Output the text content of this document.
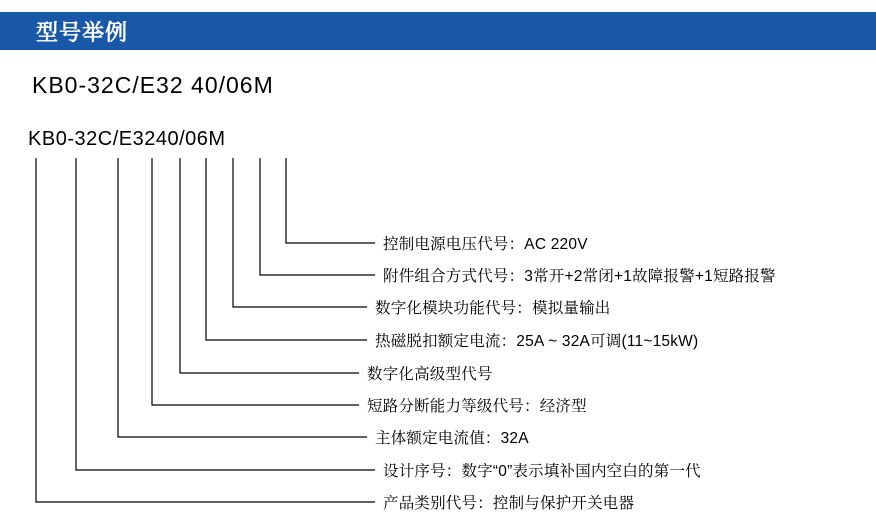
型号举例
KB0-32C/E32 40/06M
KB 0 - 32 C /E 32 40 /06 M
控制电源电压代号：AC 220V
附件组合方式代号：3常开+2常闭+1故障报警+1短路报警
数字化模块功能代号：模拟量输出
热磁脱扣额定电流：25A ~ 32A可调(11~15kW)
数字化高级型代号
短路分断能力等级代号：经济型
主体额定电流值：32A
设计序号：数字“0”表示填补国内空白的第一代
产品类别代号：控制与保护开关电器
